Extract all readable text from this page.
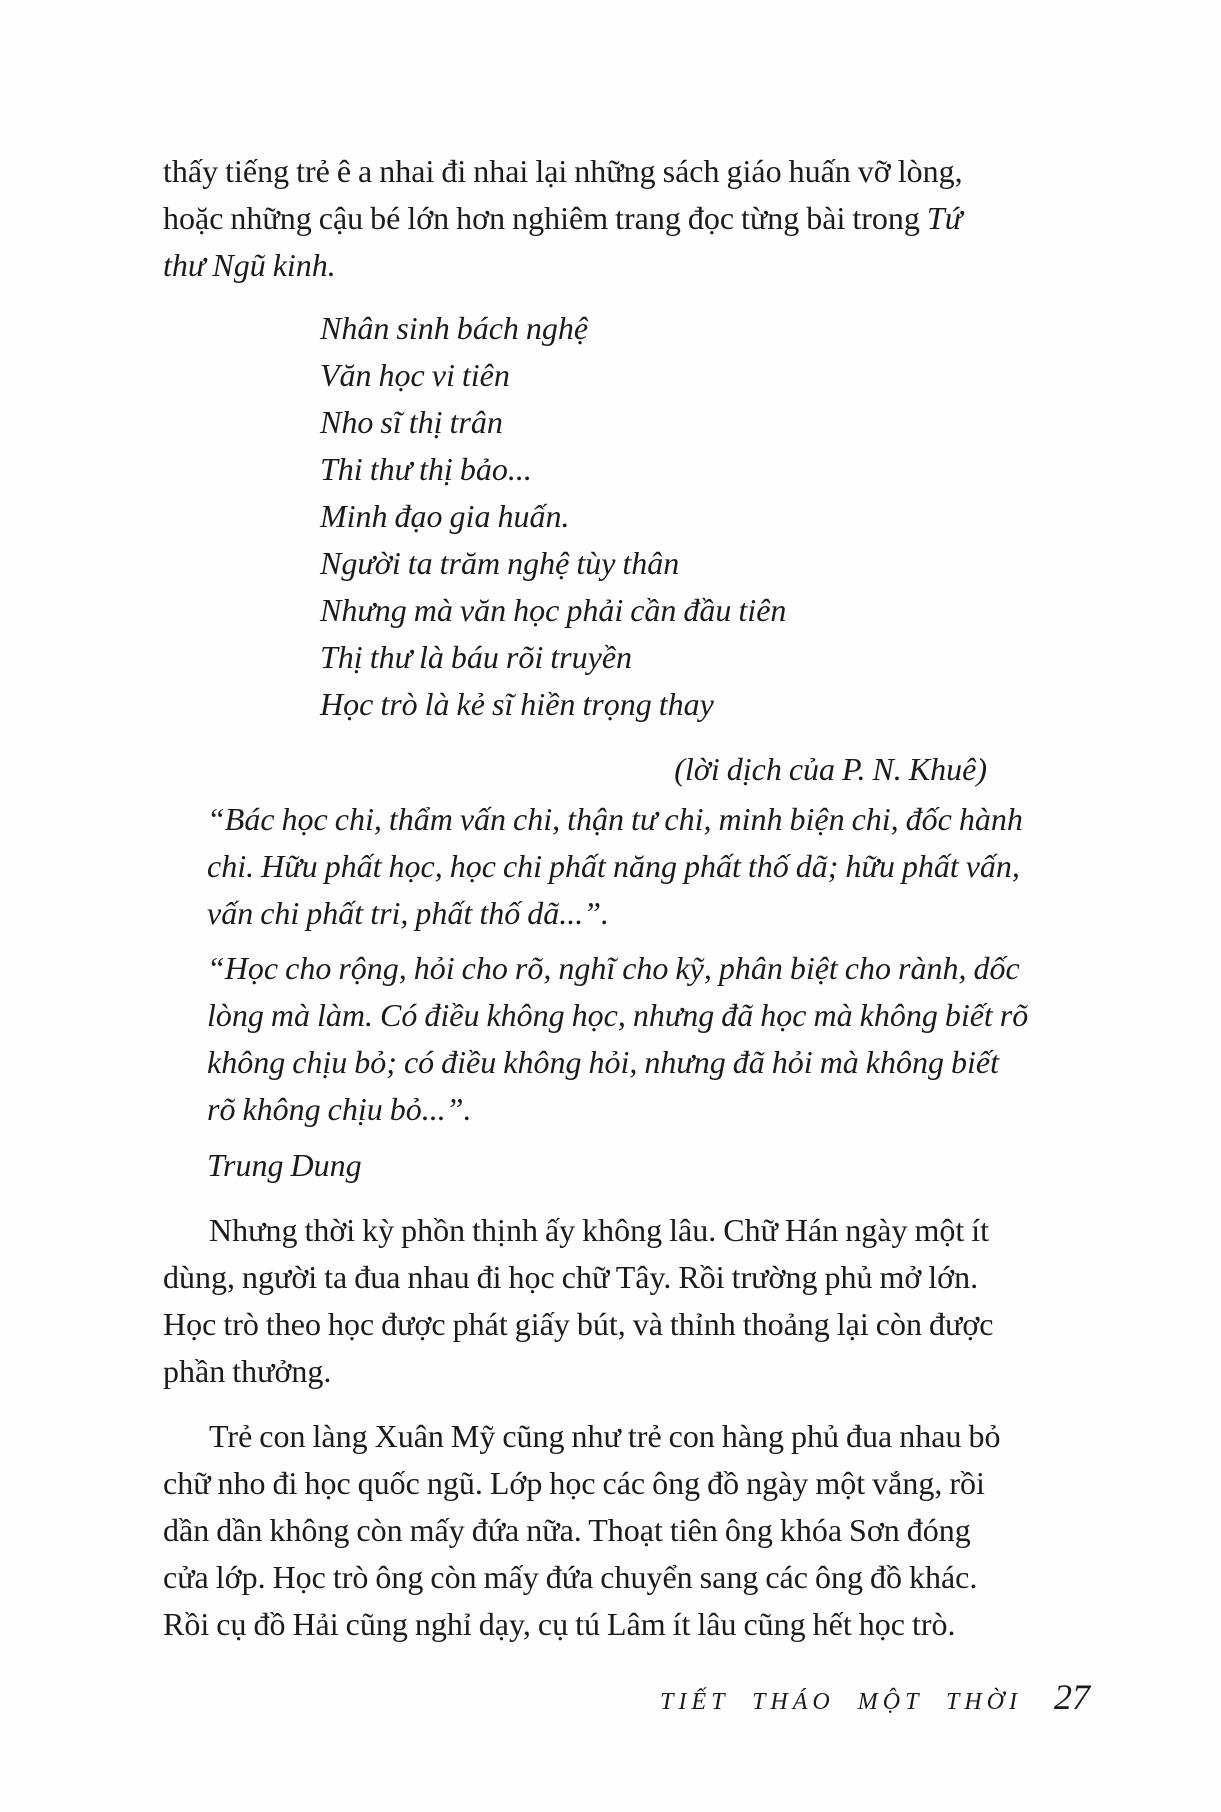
thấy tiếng trẻ ê a nhai đi nhai lại những sách giáo huấn vỡ lòng,
hoặc những cậu bé lớn hơn nghiêm trang đọc từng bài trong Tứ
thư Ngũ kinh.
Nhân sinh bách nghệ
Văn học vi tiên
Nho sĩ thị trân
Thi thư thị bảo...
Minh đạo gia huấn.
Người ta trăm nghệ tùy thân
Nhưng mà văn học phải cần đầu tiên
Thị thư là báu rõi truyền
Học trò là kẻ sĩ hiền trọng thay
(lời dịch của P. N. Khuê)
“Bác học chi, thẩm vấn chi, thận tư chi, minh biện chi, đốc hành
chi. Hữu phất học, học chi phất năng phất thố dã; hữu phất vấn,
vấn chi phất tri, phất thố dã...”.
“Học cho rộng, hỏi cho rõ, nghĩ cho kỹ, phân biệt cho rành, dốc
lòng mà làm. Có điều không học, nhưng đã học mà không biết rõ
không chịu bỏ; có điều không hỏi, nhưng đã hỏi mà không biết
rõ không chịu bỏ...”.
Trung Dung
Nhưng thời kỳ phồn thịnh ấy không lâu. Chữ Hán ngày một ít
dùng, người ta đua nhau đi học chữ Tây. Rồi trường phủ mở lớn.
Học trò theo học được phát giấy bút, và thỉnh thoảng lại còn được
phần thưởng.
Trẻ con làng Xuân Mỹ cũng như trẻ con hàng phủ đua nhau bỏ
chữ nho đi học quốc ngũ. Lớp học các ông đồ ngày một vắng, rồi
dần dần không còn mấy đứa nữa. Thoạt tiên ông khóa Sơn đóng
cửa lớp. Học trò ông còn mấy đứa chuyển sang các ông đồ khác.
Rồi cụ đồ Hải cũng nghỉ dạy, cụ tú Lâm ít lâu cũng hết học trò.
TIẾT THÁO MỘT THỜI 27
